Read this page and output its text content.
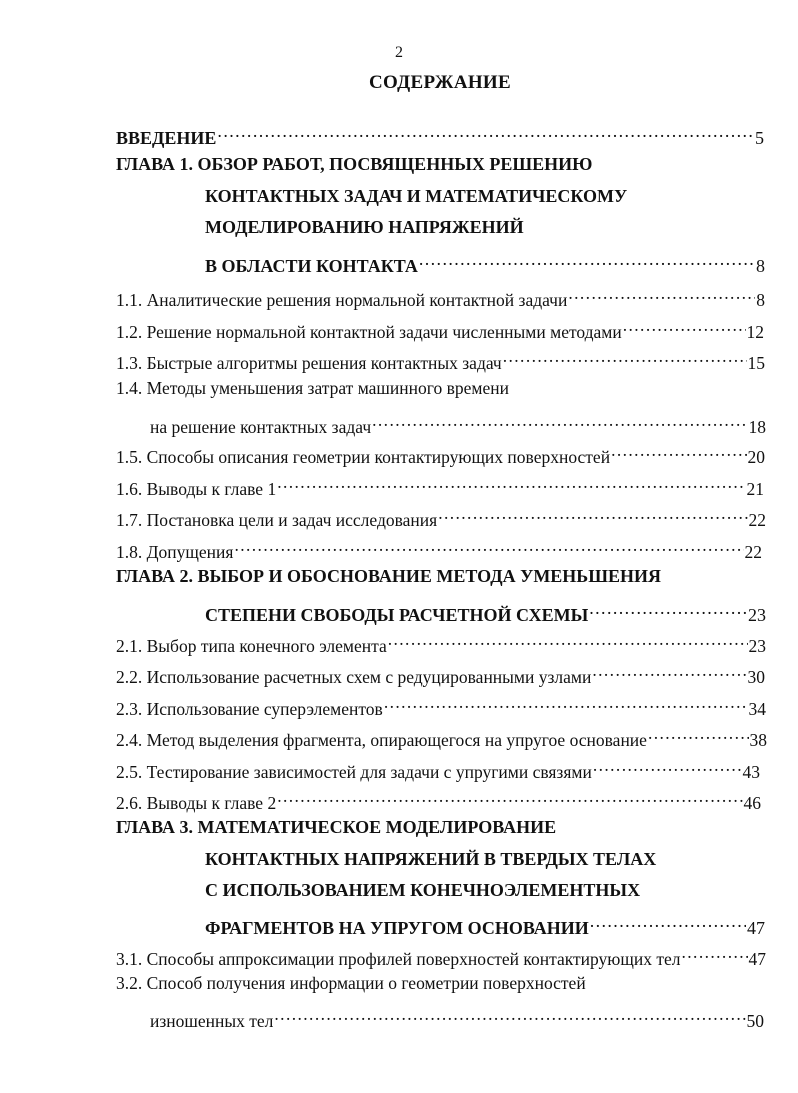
2
СОДЕРЖАНИЕ
ВВЕДЕНИЕ .....	5
ГЛАВА 1. ОБЗОР РАБОТ, ПОСВЯЩЕННЫХ РЕШЕНИЮ
КОНТАКТНЫХ ЗАДАЧ И МАТЕМАТИЧЕСКОМУ
МОДЕЛИРОВАНИЮ НАПРЯЖЕНИЙ
В ОБЛАСТИ КОНТАКТА .....	8
1.1. Аналитические решения нормальной контактной задачи .....	8
1.2. Решение нормальной контактной задачи численными методами .....	12
1.3. Быстрые алгоритмы решения контактных задач .....	15
1.4. Методы уменьшения затрат машинного времени
на решение контактных задач .....	18
1.5. Способы описания геометрии контактирующих поверхностей .....	20
1.6. Выводы к главе 1 .....	21
1.7. Постановка цели и задач исследования .....	22
1.8. Допущения .....	22
ГЛАВА 2. ВЫБОР И ОБОСНОВАНИЕ МЕТОДА УМЕНЬШЕНИЯ
СТЕПЕНИ СВОБОДЫ РАСЧЕТНОЙ СХЕМЫ .....	23
2.1. Выбор типа конечного элемента .....	23
2.2. Использование расчетных схем с редуцированными узлами .....	30
2.3. Использование суперэлементов .....	34
2.4. Метод выделения фрагмента, опирающегося на упругое основание .....	38
2.5. Тестирование зависимостей для задачи с упругими связями .....	43
2.6. Выводы к главе 2 .....	46
ГЛАВА 3. МАТЕМАТИЧЕСКОЕ МОДЕЛИРОВАНИЕ
КОНТАКТНЫХ НАПРЯЖЕНИЙ В ТВЕРДЫХ ТЕЛАХ
С ИСПОЛЬЗОВАНИЕМ КОНЕЧНОЭЛЕМЕНТНЫХ
ФРАГМЕНТОВ НА УПРУГОМ ОСНОВАНИИ .....	47
3.1. Способы аппроксимации профилей поверхностей контактирующих тел .....	47
3.2. Способ получения информации о геометрии поверхностей
изношенных тел .....	50
